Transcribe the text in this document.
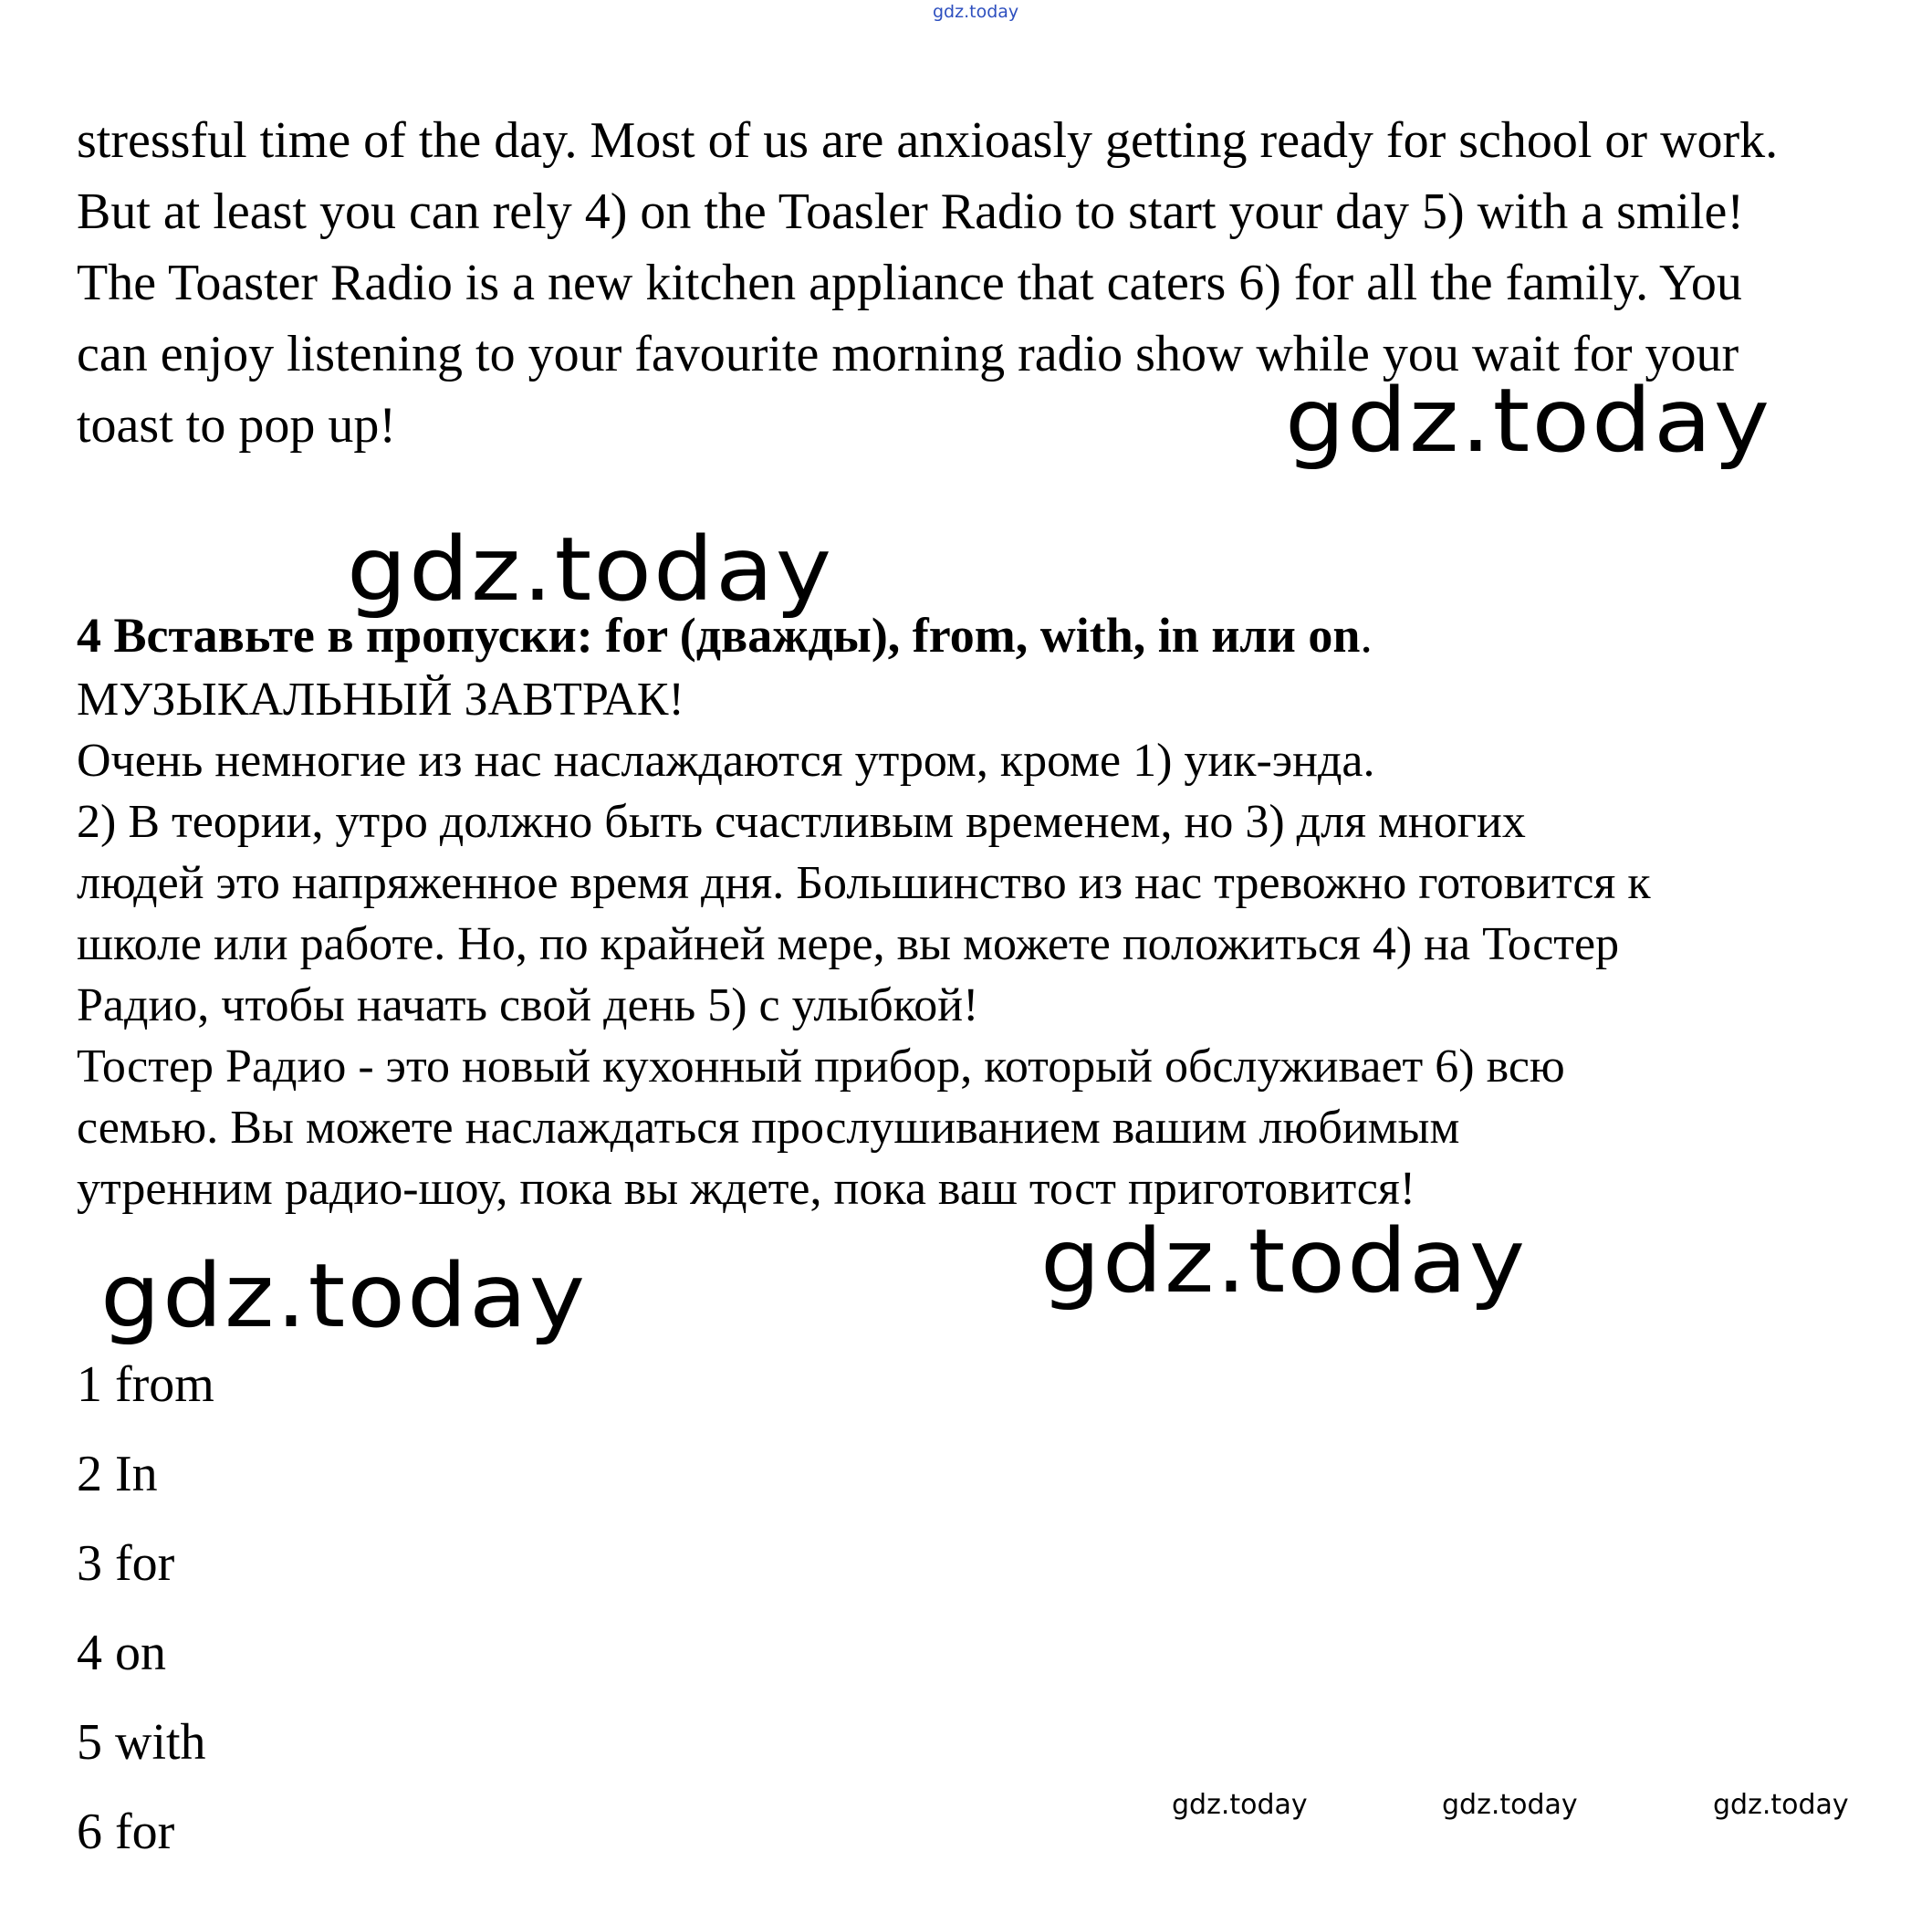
gdz.today

stressful time of the day. Most of us are anxioasly getting ready for school or work.

But at least you can rely 4) on the Toasler Radio to start your day 5) with a smile!

The Toaster Radio is a new kitchen appliance that caters 6) for all the family. You

can enjoy listening to your favourite morning radio show while you wait for your

toast to pop up!	gdz.today
gdz.today
4 Вставьте в пропуски: for (дважды), from, with, in или on.

МУЗЫКАЛЬНЫЙ ЗАВТРАК!

Очень немногие из нас наслаждаются утром, кроме 1) уик-энда.

2) В теории, утро должно быть счастливым временем, но 3) для многих

людей это напряженное время дня. Большинство из нас тревожно готовится к

школе или работе. Но, по крайней мере, вы можете положиться 4) на Тостер

Радио, чтобы начать свой день 5) с улыбкой!

Тостер Радио - это новый кухонный прибор, который обслуживает 6) всю

семью. Вы можете наслаждаться прослушиванием вашим любимым

утренним радио-шоу, пока вы ждете, пока ваш тост приготовится!

gdz.today
gdz.today
1 from
2 In
3 for
4 on
5 with
6 for	gdz.today	gdz.today	gdz.today
